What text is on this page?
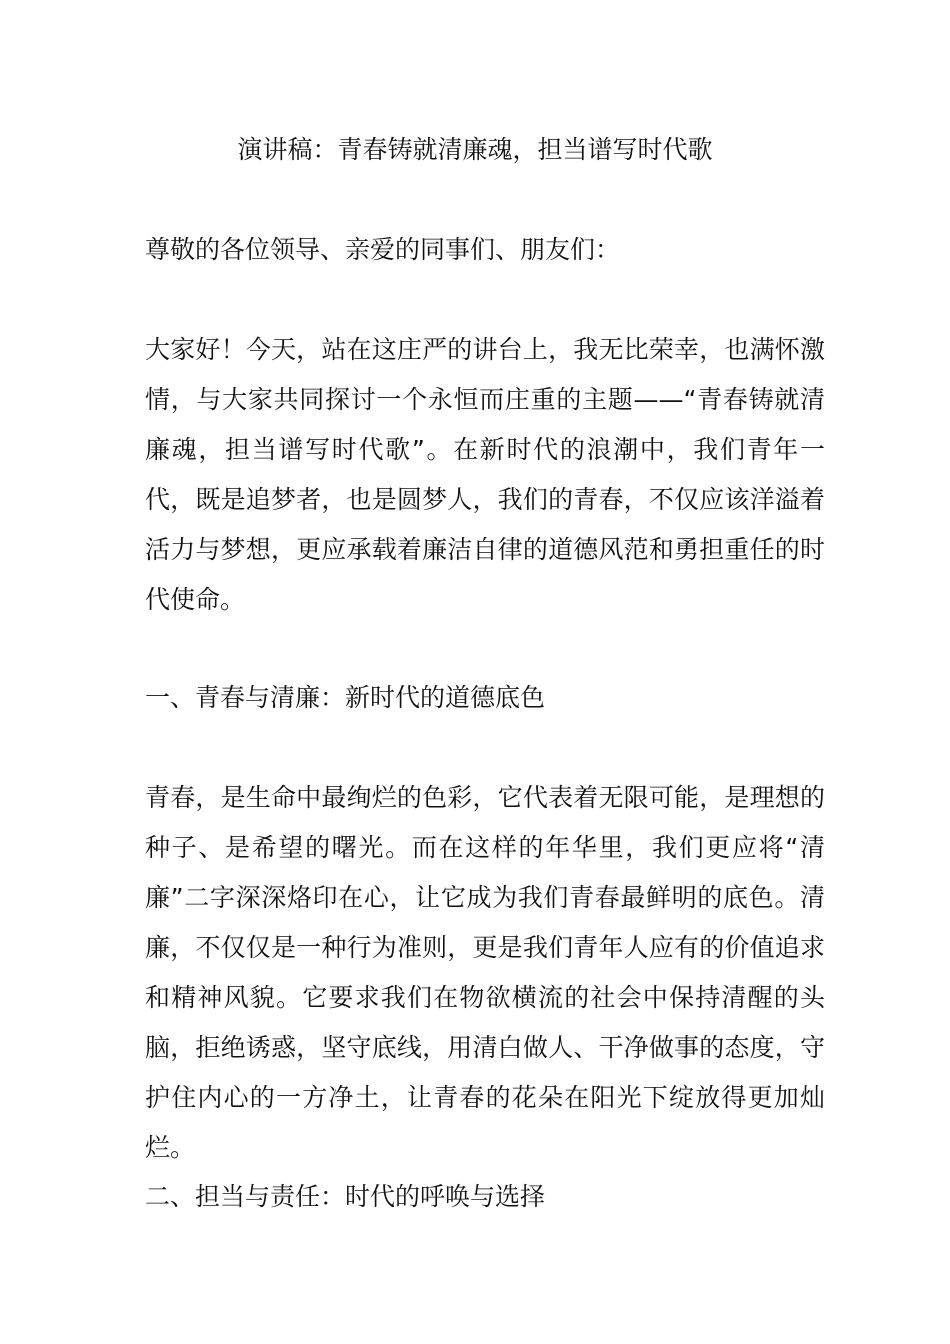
演讲稿：青春铸就清廉魂，担当谱写时代歌
尊敬的各位领导、亲爱的同事们、朋友们：
大家好！今天，站在这庄严的讲台上，我无比荣幸，也满怀激情，与大家共同探讨一个永恒而庄重的主题——“青春铸就清廉魂，担当谱写时代歌”。在新时代的浪潮中，我们青年一代，既是追梦者，也是圆梦人，我们的青春，不仅应该洋溢着活力与梦想，更应承载着廉洁自律的道德风范和勇担重任的时代使命。
一、青春与清廉：新时代的道德底色
青春，是生命中最绚烂的色彩，它代表着无限可能，是理想的种子、是希望的曙光。而在这样的年华里，我们更应将“清廉”二字深深烙印在心，让它成为我们青春最鲜明的底色。清廉，不仅仅是一种行为准则，更是我们青年人应有的价值追求和精神风貌。它要求我们在物欲横流的社会中保持清醒的头脑，拒绝诱惑，坚守底线，用清白做人、干净做事的态度，守护住内心的一方净土，让青春的花朵在阳光下绽放得更加灿烂。
二、担当与责任：时代的呼唤与选择
